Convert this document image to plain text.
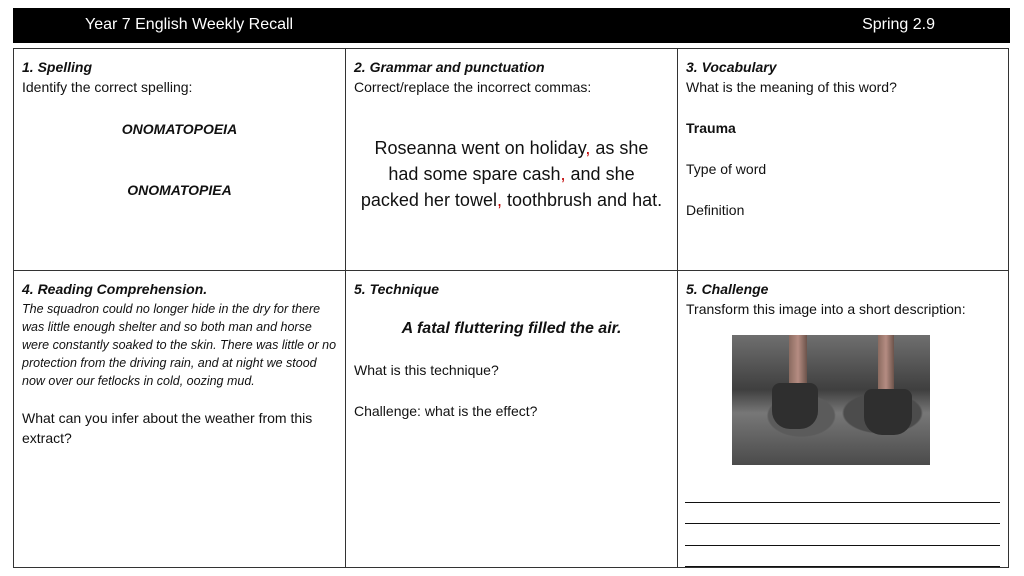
Year 7 English Weekly Recall	Spring 2.9
1. Spelling
Identify the correct spelling:
ONOMATOPOEIA
ONOMATOPIEA
2. Grammar and punctuation
Correct/replace the incorrect commas:
Roseanna went on holiday, as she had some spare cash, and she packed her towel, toothbrush and hat.
3. Vocabulary
What is the meaning of this word?
Trauma
Type of word
Definition
4. Reading Comprehension.
The squadron could no longer hide in the dry for there was little enough shelter and so both man and horse were constantly soaked to the skin. There was little or no protection from the driving rain, and at night we stood now over our fetlocks in cold, oozing mud.
What can you infer about the weather from this extract?
5. Technique
A fatal fluttering filled the air.
What is this technique?
Challenge: what is the effect?
5. Challenge
Transform this image into a short description:
